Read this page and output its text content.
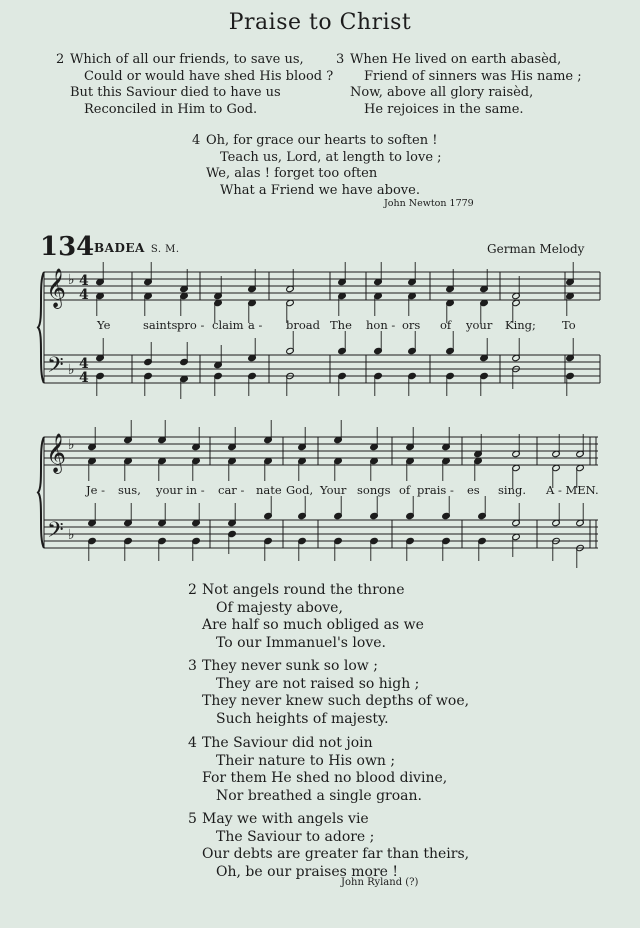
Praise to Christ
2 Which of all our friends, to save us,
Could or would have shed His blood ?
But this Saviour died to have us
Reconciled in Him to God.
3 When He lived on earth abasèd,
Friend of sinners was His name ;
Now, above all glory raisèd,
He rejoices in the same.
4 Oh, for grace our hearts to soften !
Teach us, Lord, at length to love ;
We, alas ! forget too often
What a Friend we have above.
John Newton 1779
134 BADEA S. M.	German Melody
𝄞 ♭ 4
4
𝄢 ♭ 4
4
𝄞 ♭
𝄢 ♭
Ye	saints,
pro - claim a - broad The hon - ors of your King; To
Je - sus, your in - car - nate God, Your songs of prais - es sing. A - MEN.
2 Not angels round the throne
Of majesty above,
Are half so much obliged as we
To our Immanuel's love.
3 They never sunk so low ;
They are not raised so high ;
They never knew such depths of woe,
Such heights of majesty.
4 The Saviour did not join
Their nature to His own ;
For them He shed no blood divine,
Nor breathed a single groan.
5 May we with angels vie
The Saviour to adore ;
Our debts are greater far than theirs,
Oh, be our praises more !
John Ryland (?)
